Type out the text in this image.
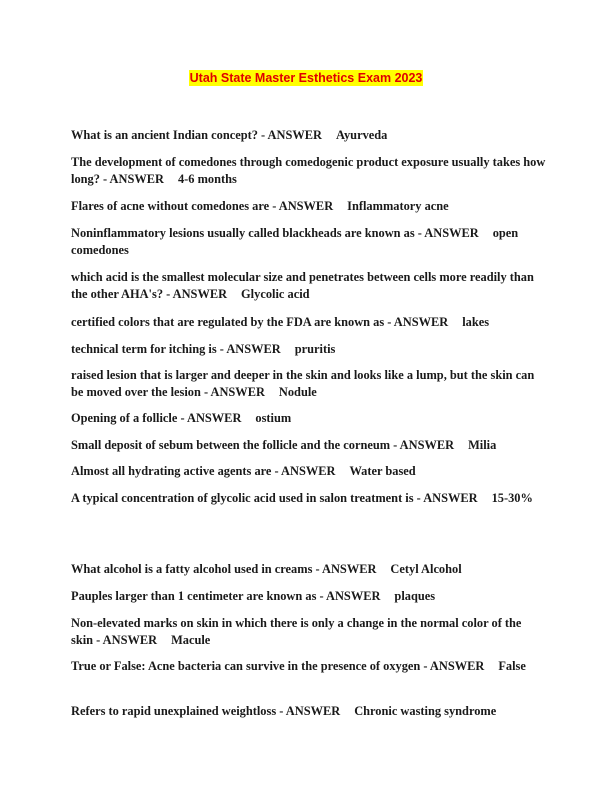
Utah State Master Esthetics Exam 2023
What is an ancient Indian concept? - ANSWER Ayurveda
The development of comedones through comedogenic product exposure usually takes how long? - ANSWER 4-6 months
Flares of acne without comedones are - ANSWER Inflammatory acne
Noninflammatory lesions usually called blackheads are known as - ANSWER open comedones
which acid is the smallest molecular size and penetrates between cells more readily than the other AHA's? - ANSWER Glycolic acid
certified colors that are regulated by the FDA are known as - ANSWER lakes
technical term for itching is - ANSWER pruritis
raised lesion that is larger and deeper in the skin and looks like a lump, but the skin can be moved over the lesion - ANSWER Nodule
Opening of a follicle - ANSWER ostium
Small deposit of sebum between the follicle and the corneum - ANSWER Milia
Almost all hydrating active agents are - ANSWER Water based
A typical concentration of glycolic acid used in salon treatment is - ANSWER 15-30%
What alcohol is a fatty alcohol used in creams - ANSWER Cetyl Alcohol
Pauples larger than 1 centimeter are known as - ANSWER plaques
Non-elevated marks on skin in which there is only a change in the normal color of the skin - ANSWER Macule
True or False: Acne bacteria can survive in the presence of oxygen - ANSWER False
Refers to rapid unexplained weightloss - ANSWER Chronic wasting syndrome
